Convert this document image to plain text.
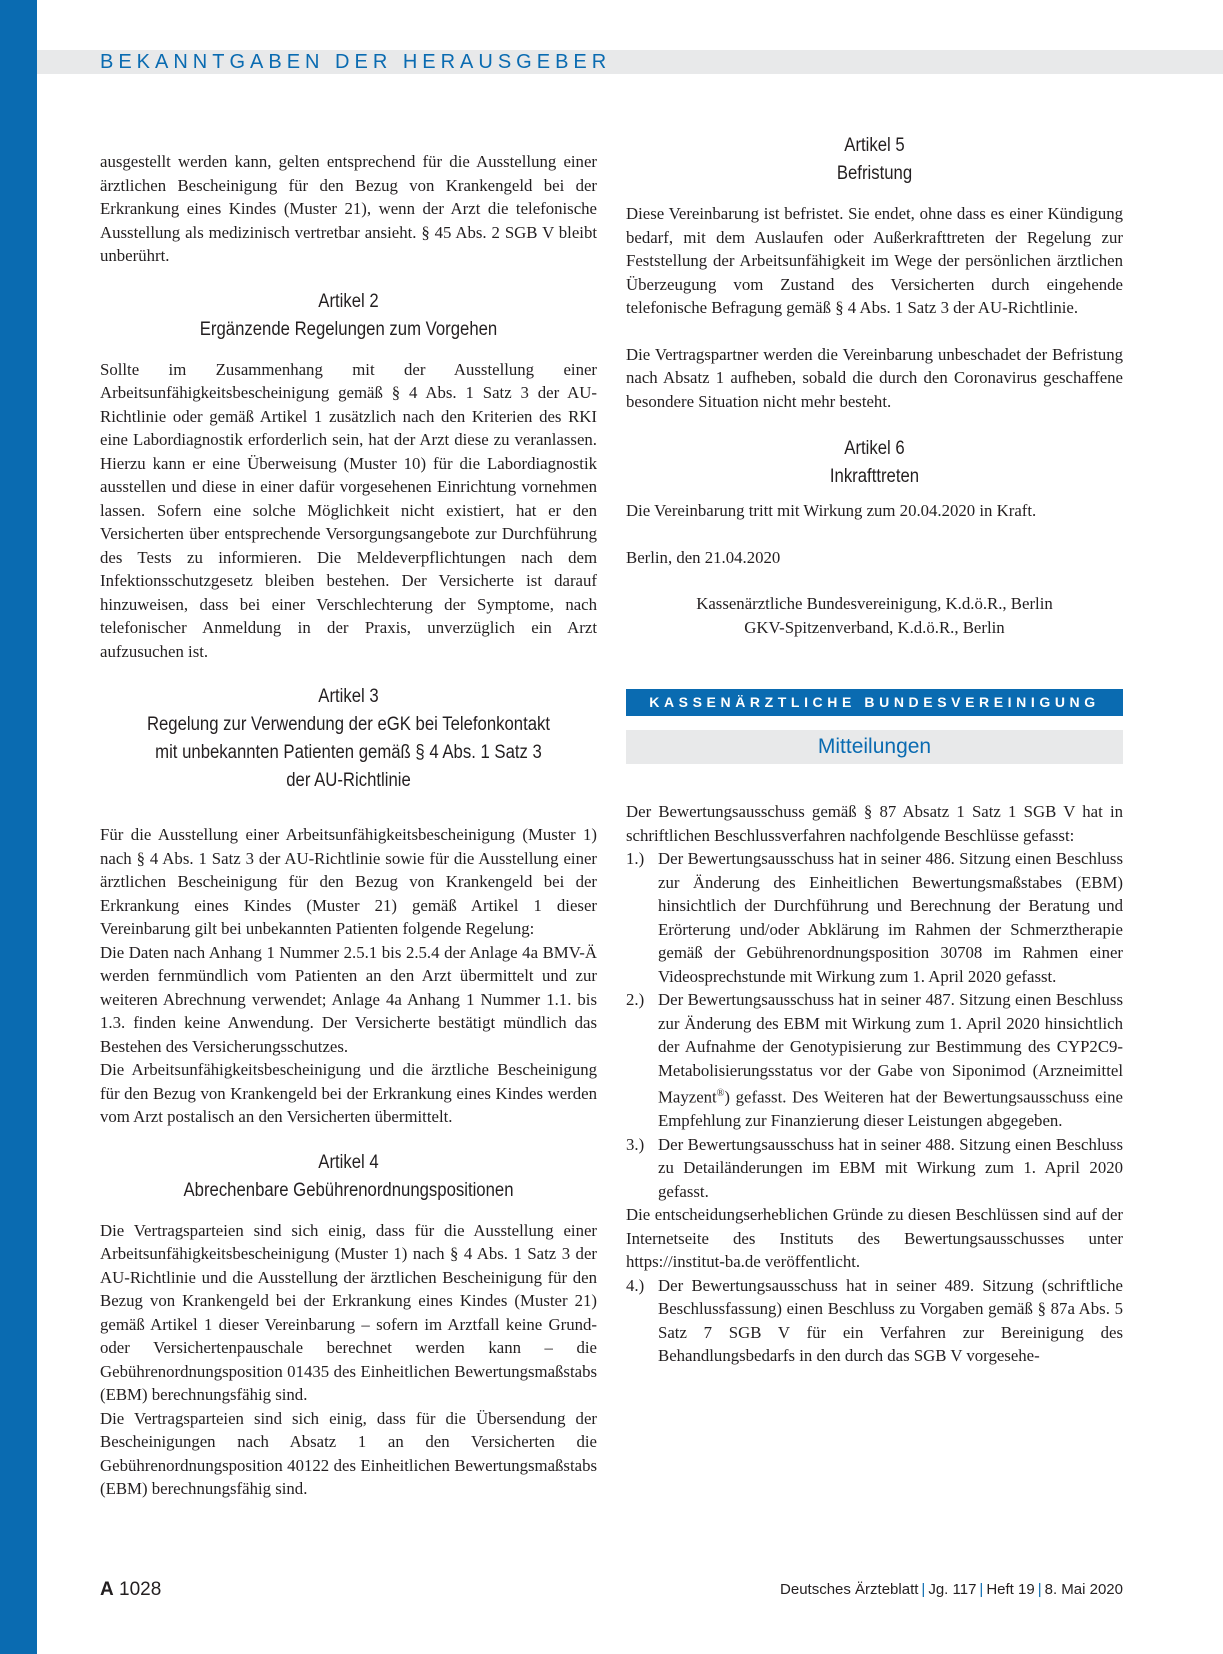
BEKANNTGABEN DER HERAUSGEBER

ausgestellt werden kann, gelten entsprechend für die Ausstellung einer ärztlichen Bescheinigung für den Bezug von Krankengeld bei der Erkrankung eines Kindes (Muster 21), wenn der Arzt die telefonische Ausstellung als medizinisch vertretbar ansieht. § 45 Abs. 2 SGB V bleibt unberührt.

Artikel 2
Ergänzende Regelungen zum Vorgehen

Sollte im Zusammenhang mit der Ausstellung einer Arbeitsunfähigkeitsbescheinigung gemäß § 4 Abs. 1 Satz 3 der AU-Richtlinie oder gemäß Artikel 1 zusätzlich nach den Kriterien des RKI eine Labordiagnostik erforderlich sein, hat der Arzt diese zu veranlassen. Hierzu kann er eine Überweisung (Muster 10) für die Labordiagnostik ausstellen und diese in einer dafür vorgesehenen Einrichtung vornehmen lassen. Sofern eine solche Möglichkeit nicht existiert, hat er den Versicherten über entsprechende Versorgungsangebote zur Durchführung des Tests zu informieren. Die Meldeverpflichtungen nach dem Infektionsschutzgesetz bleiben bestehen. Der Versicherte ist darauf hinzuweisen, dass bei einer Verschlechterung der Symptome, nach telefonischer Anmeldung in der Praxis, unverzüglich ein Arzt aufzusuchen ist.

Artikel 3
Regelung zur Verwendung der eGK bei Telefonkontakt
mit unbekannten Patienten gemäß § 4 Abs. 1 Satz 3
der AU-Richtlinie

Für die Ausstellung einer Arbeitsunfähigkeitsbescheinigung (Muster 1) nach § 4 Abs. 1 Satz 3 der AU-Richtlinie sowie für die Ausstellung einer ärztlichen Bescheinigung für den Bezug von Krankengeld bei der Erkrankung eines Kindes (Muster 21) gemäß Artikel 1 dieser Vereinbarung gilt bei unbekannten Patienten folgende Regelung:

Die Daten nach Anhang 1 Nummer 2.5.1 bis 2.5.4 der Anlage 4a BMV-Ä werden fernmündlich vom Patienten an den Arzt übermittelt und zur weiteren Abrechnung verwendet; Anlage 4a Anhang 1 Nummer 1.1. bis 1.3. finden keine Anwendung. Der Versicherte bestätigt mündlich das Bestehen des Versicherungsschutzes.

Die Arbeitsunfähigkeitsbescheinigung und die ärztliche Bescheinigung für den Bezug von Krankengeld bei der Erkrankung eines Kindes werden vom Arzt postalisch an den Versicherten übermittelt.

Artikel 4
Abrechenbare Gebührenordnungspositionen

Die Vertragsparteien sind sich einig, dass für die Ausstellung einer Arbeitsunfähigkeitsbescheinigung (Muster 1) nach § 4 Abs. 1 Satz 3 der AU-Richtlinie und die Ausstellung der ärztlichen Bescheinigung für den Bezug von Krankengeld bei der Erkrankung eines Kindes (Muster 21) gemäß Artikel 1 dieser Vereinbarung – sofern im Arztfall keine Grund- oder Versichertenpauschale berechnet werden kann – die Gebührenordnungsposition 01435 des Einheitlichen Bewertungsmaßstabs (EBM) berechnungsfähig sind.

Die Vertragsparteien sind sich einig, dass für die Übersendung der Bescheinigungen nach Absatz 1 an den Versicherten die Gebührenordnungsposition 40122 des Einheitlichen Bewertungsmaßstabs (EBM) berechnungsfähig sind.

Artikel 5
Befristung

Diese Vereinbarung ist befristet. Sie endet, ohne dass es einer Kündigung bedarf, mit dem Auslaufen oder Außerkrafttreten der Regelung zur Feststellung der Arbeitsunfähigkeit im Wege der persönlichen ärztlichen Überzeugung vom Zustand des Versicherten durch eingehende telefonische Befragung gemäß § 4 Abs. 1 Satz 3 der AU-Richtlinie.

Die Vertragspartner werden die Vereinbarung unbeschadet der Befristung nach Absatz 1 aufheben, sobald die durch den Coronavirus geschaffene besondere Situation nicht mehr besteht.

Artikel 6
Inkrafttreten

Die Vereinbarung tritt mit Wirkung zum 20.04.2020 in Kraft.

Berlin, den 21.04.2020

Kassenärztliche Bundesvereinigung, K.d.ö.R., Berlin
GKV-Spitzenverband, K.d.ö.R., Berlin
KASSENÄRZTLICHE BUNDESVEREINIGUNG
Mitteilungen

Der Bewertungsausschuss gemäß § 87 Absatz 1 Satz 1 SGB V hat in schriftlichen Beschlussverfahren nachfolgende Beschlüsse gefasst:

1.) Der Bewertungsausschuss hat in seiner 486. Sitzung einen Beschluss zur Änderung des Einheitlichen Bewertungsmaßstabes (EBM) hinsichtlich der Durchführung und Berechnung der Beratung und Erörterung und/oder Abklärung im Rahmen der Schmerztherapie gemäß der Gebührenordnungsposition 30708 im Rahmen einer Videosprechstunde mit Wirkung zum 1. April 2020 gefasst.
2.) Der Bewertungsausschuss hat in seiner 487. Sitzung einen Beschluss zur Änderung des EBM mit Wirkung zum 1. April 2020 hinsichtlich der Aufnahme der Genotypisierung zur Bestimmung des CYP2C9-Metabolisierungsstatus vor der Gabe von Siponimod (Arzneimittel Mayzent®) gefasst. Des Weiteren hat der Bewertungsausschuss eine Empfehlung zur Finanzierung dieser Leistungen abgegeben.
3.) Der Bewertungsausschuss hat in seiner 488. Sitzung einen Beschluss zu Detailänderungen im EBM mit Wirkung zum 1. April 2020 gefasst.

Die entscheidungserheblichen Gründe zu diesen Beschlüssen sind auf der Internetseite des Instituts des Bewertungsausschusses unter https://institut-ba.de veröffentlicht.

4.) Der Bewertungsausschuss hat in seiner 489. Sitzung (schriftliche Beschlussfassung) einen Beschluss zu Vorgaben gemäß § 87a Abs. 5 Satz 7 SGB V für ein Verfahren zur Bereinigung des Behandlungsbedarfs in den durch das SGB V vorgesehe-
A 1028	Deutsches Ärzteblatt | Jg. 117 | Heft 19 | 8. Mai 2020
